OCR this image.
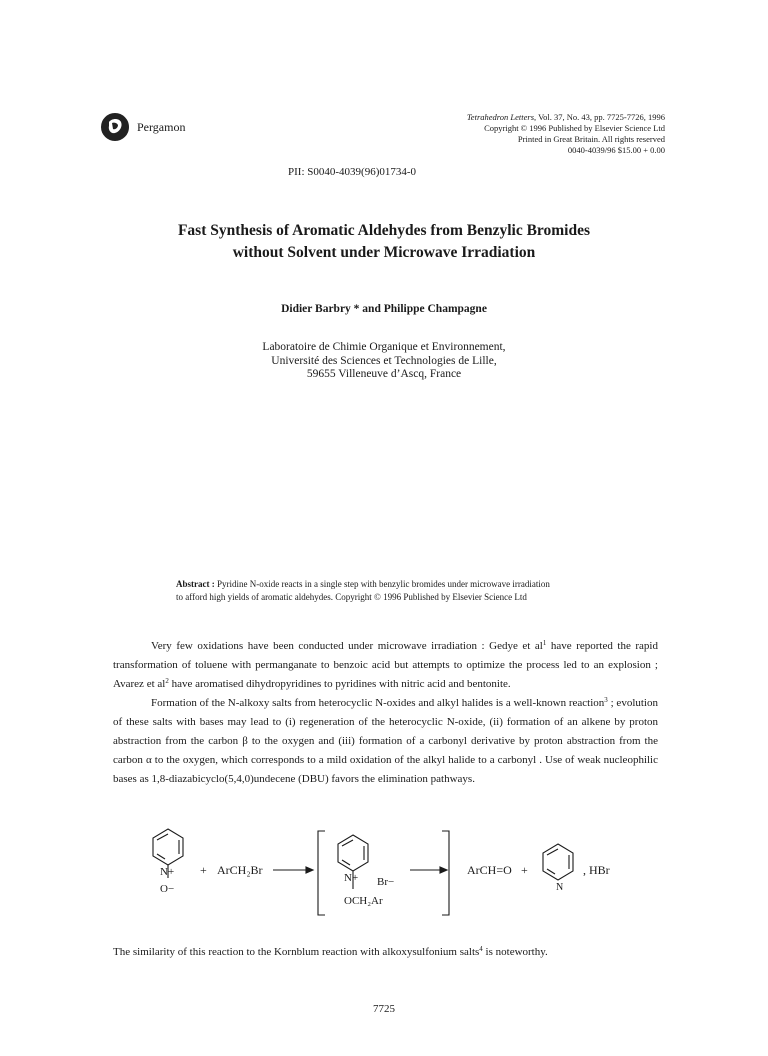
Pergamon
Tetrahedron Letters, Vol. 37, No. 43, pp. 7725-7726, 1996
Copyright © 1996 Published by Elsevier Science Ltd
Printed in Great Britain. All rights reserved
0040-4039/96 $15.00 + 0.00
PII: S0040-4039(96)01734-0
Fast Synthesis of Aromatic Aldehydes from Benzylic Bromides
without Solvent under Microwave Irradiation
Didier Barbry * and Philippe Champagne
Laboratoire de Chimie Organique et Environnement,
Université des Sciences et Technologies de Lille,
59655 Villeneuve d’Ascq, France
Abstract : Pyridine N-oxide reacts in a single step with benzylic bromides under microwave irradiation
to afford high yields of aromatic aldehydes. Copyright © 1996 Published by Elsevier Science Ltd

Very few oxidations have been conducted under microwave irradiation : Gedye et $al^1$ have reported the rapid transformation of toluene with permanganate to benzoic acid but attempts to optimize the process led to an explosion ; Avarez et $al^2$ have aromatised dihydropyridines to pyridines with nitric acid and bentonite.

Formation of the N-alkoxy salts from heterocyclic N-oxides and alkyl halides is a well-known reaction$^3$ ; evolution of these salts with bases may lead to (i) regeneration of the heterocyclic N-oxide, (ii) formation of an alkene by proton abstraction from the carbon β to the oxygen and (iii) formation of a carbonyl derivative by proton abstraction from the carbon α to the oxygen, which corresponds to a mild oxidation of the alkyl halide to a carbonyl . Use of weak nucleophilic bases as 1,8-diazabicyclo(5,4,0)undecene (DBU) favors the elimination pathways.

N+
O−
+ ArCH₂Br
N+ Br−
OCH₂Ar
ArCH=O +
N
, HBr
The similarity of this reaction to the Kornblum reaction with alkoxysulfonium salts$^4$ is noteworthy.
7725
